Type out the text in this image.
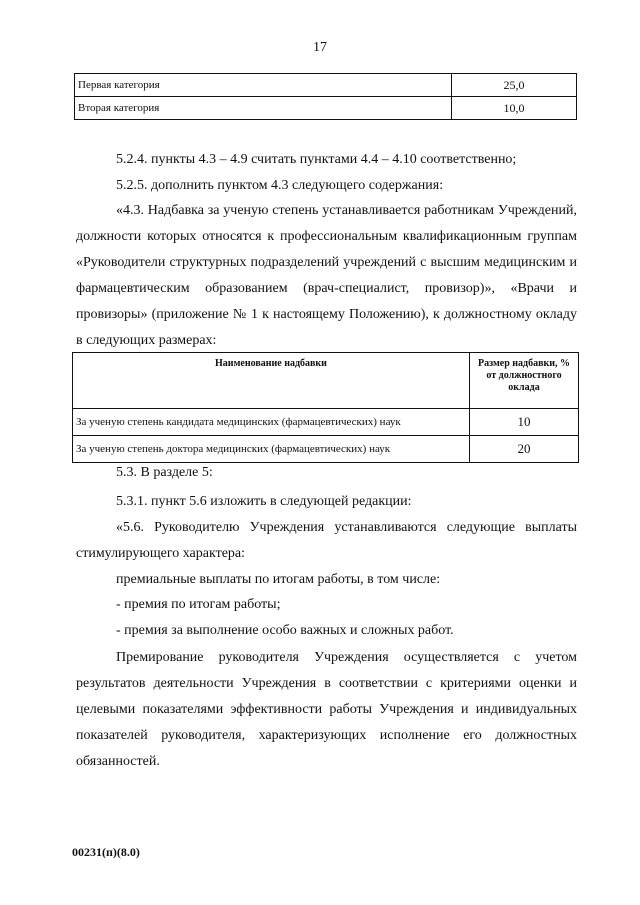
17
Первая категория	25,0
Вторая категория	10,0

5.2.4. пункты 4.3 – 4.9 считать пунктами 4.4 – 4.10 соответственно;

5.2.5. дополнить пунктом 4.3 следующего содержания:

«4.3. Надбавка за ученую степень устанавливается работникам Учреждений, должности которых относятся к профессиональным квалификационным группам «Руководители структурных подразделений учреждений с высшим медицинским и фармацевтическим образованием (врач-специалист, провизор)», «Врачи и провизоры» (приложение № 1 к настоящему Положению), к должностному окладу в следующих размерах:

Наименование надбавки	Размер надбавки, % от должностного оклада
За ученую степень кандидата медицинских (фармацевтических) наук	10
За ученую степень доктора медицинских (фармацевтических) наук	20

5.3. В разделе 5:

5.3.1. пункт 5.6 изложить в следующей редакции:

«5.6. Руководителю Учреждения устанавливаются следующие выплаты стимулирующего характера:

премиальные выплаты по итогам работы, в том числе:

- премия по итогам работы;

- премия за выполнение особо важных и сложных работ.

Премирование руководителя Учреждения осуществляется с учетом результатов деятельности Учреждения в соответствии с критериями оценки и целевыми показателями эффективности работы Учреждения и индивидуальных показателей руководителя, характеризующих исполнение его должностных обязанностей.

00231(п)(8.0)
